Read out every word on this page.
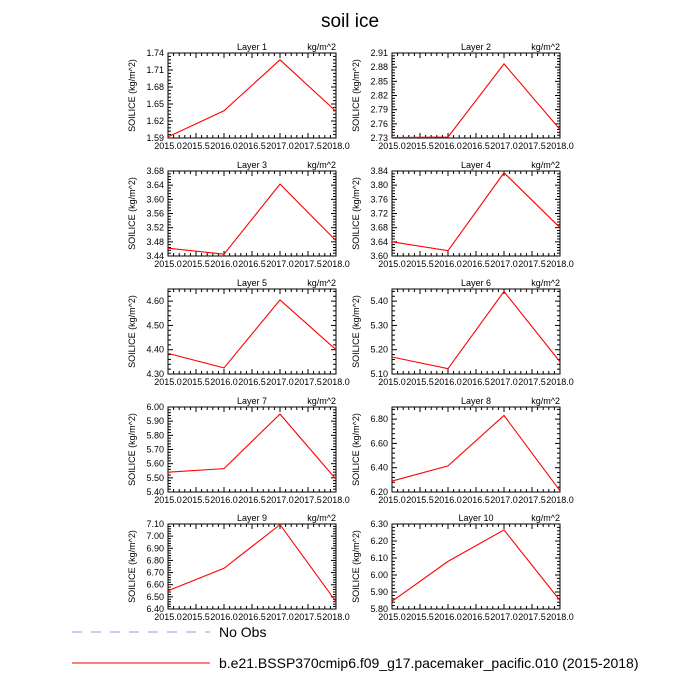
soil ice
2015.0 2015.5 2016.0 2016.5 2017.0 2017.5 2018.0
1.59
1.62
1.65
1.68
1.71
1.74
Layer 1	kg/m^2
SOILICE (kg/m^2)
2015.0 2015.5 2016.0 2016.5 2017.0 2017.5 2018.0
2.73
2.76
2.79
2.82
2.85
2.88
2.91
Layer 2	kg/m^2
SOILICE (kg/m^2)
2015.0 2015.5 2016.0 2016.5 2017.0 2017.5 2018.0
3.44
3.48
3.52
3.56
3.60
3.64
3.68
Layer 3	kg/m^2
SOILICE (kg/m^2)
2015.0 2015.5 2016.0 2016.5 2017.0 2017.5 2018.0
3.60
3.64
3.68
3.72
3.76
3.80
3.84
Layer 4	kg/m^2
SOILICE (kg/m^2)
2015.0 2015.5 2016.0 2016.5 2017.0 2017.5 2018.0
4.30
4.40
4.50
4.60
Layer 5	kg/m^2
SOILICE (kg/m^2)
2015.0 2015.5 2016.0 2016.5 2017.0 2017.5 2018.0
5.10
5.20
5.30
5.40
Layer 6	kg/m^2
SOILICE (kg/m^2)
2015.0 2015.5 2016.0 2016.5 2017.0 2017.5 2018.0
5.40
5.50
5.60
5.70
5.80
5.90
6.00
Layer 7	kg/m^2
SOILICE (kg/m^2)
2015.0 2015.5 2016.0 2016.5 2017.0 2017.5 2018.0
6.20
6.40
6.60
6.80
Layer 8	kg/m^2
SOILICE (kg/m^2)
2015.0 2015.5 2016.0 2016.5 2017.0 2017.5 2018.0
6.40
6.50
6.60
6.70
6.80
6.90
7.00
7.10
Layer 9	kg/m^2
SOILICE (kg/m^2)
2015.0 2015.5 2016.0 2016.5 2017.0 2017.5 2018.0
5.80
5.90
6.00
6.10
6.20
6.30
Layer 10	kg/m^2
SOILICE (kg/m^2)
No Obs
b.e21.BSSP370cmip6.f09_g17.pacemaker_pacific.010 (2015-2018)
